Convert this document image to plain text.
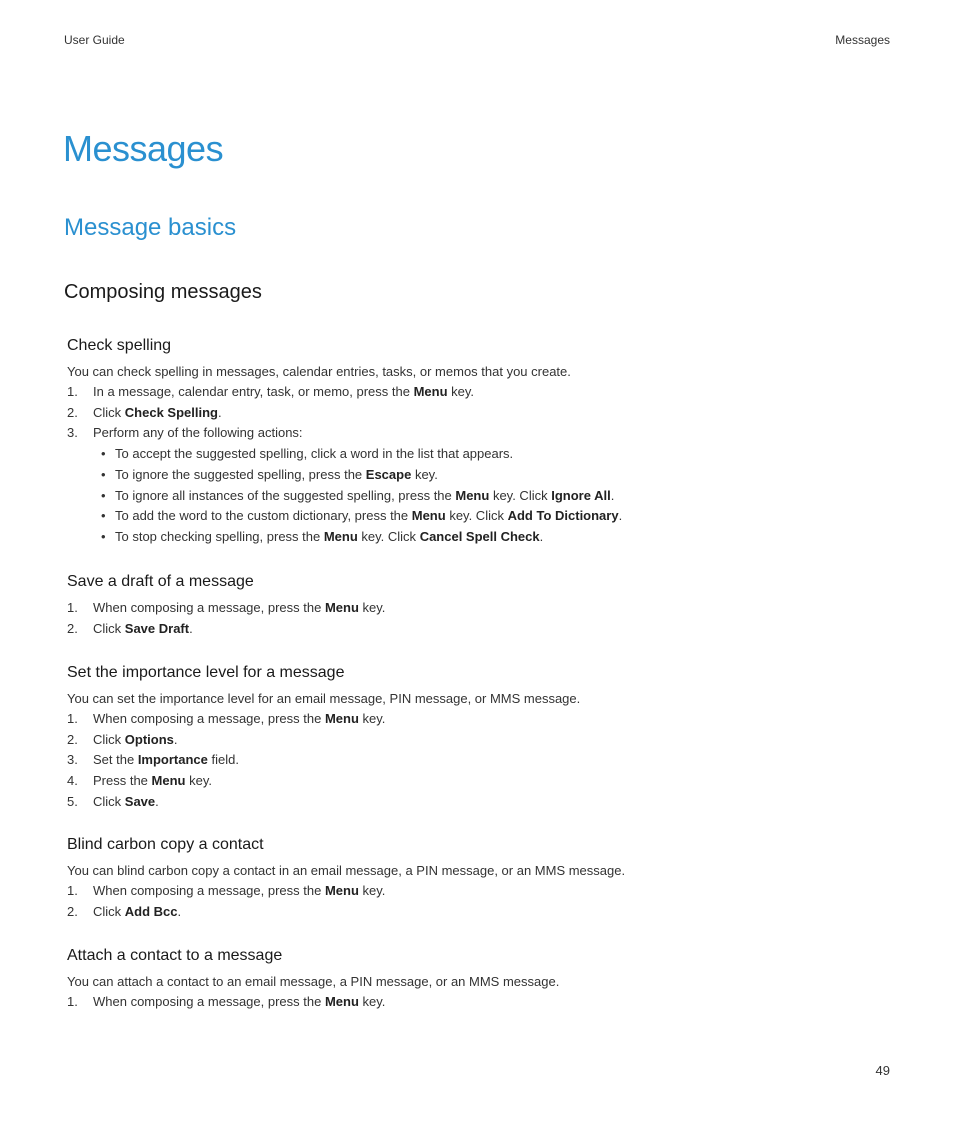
User Guide	Messages
Messages
Message basics
Composing messages
Check spelling

You can check spelling in messages, calendar entries, tasks, or memos that you create.

1. In a message, calendar entry, task, or memo, press the Menu key.
2. Click Check Spelling.
3. Perform any of the following actions:
• To accept the suggested spelling, click a word in the list that appears.
• To ignore the suggested spelling, press the Escape key.
• To ignore all instances of the suggested spelling, press the Menu key. Click Ignore All.
• To add the word to the custom dictionary, press the Menu key. Click Add To Dictionary.
• To stop checking spelling, press the Menu key. Click Cancel Spell Check.
Save a draft of a message
1. When composing a message, press the Menu key.
2. Click Save Draft.
Set the importance level for a message

You can set the importance level for an email message, PIN message, or MMS message.

1. When composing a message, press the Menu key.
2. Click Options.
3. Set the Importance field.
4. Press the Menu key.
5. Click Save.
Blind carbon copy a contact

You can blind carbon copy a contact in an email message, a PIN message, or an MMS message.

1. When composing a message, press the Menu key.
2. Click Add Bcc.
Attach a contact to a message

You can attach a contact to an email message, a PIN message, or an MMS message.

1. When composing a message, press the Menu key.
49
